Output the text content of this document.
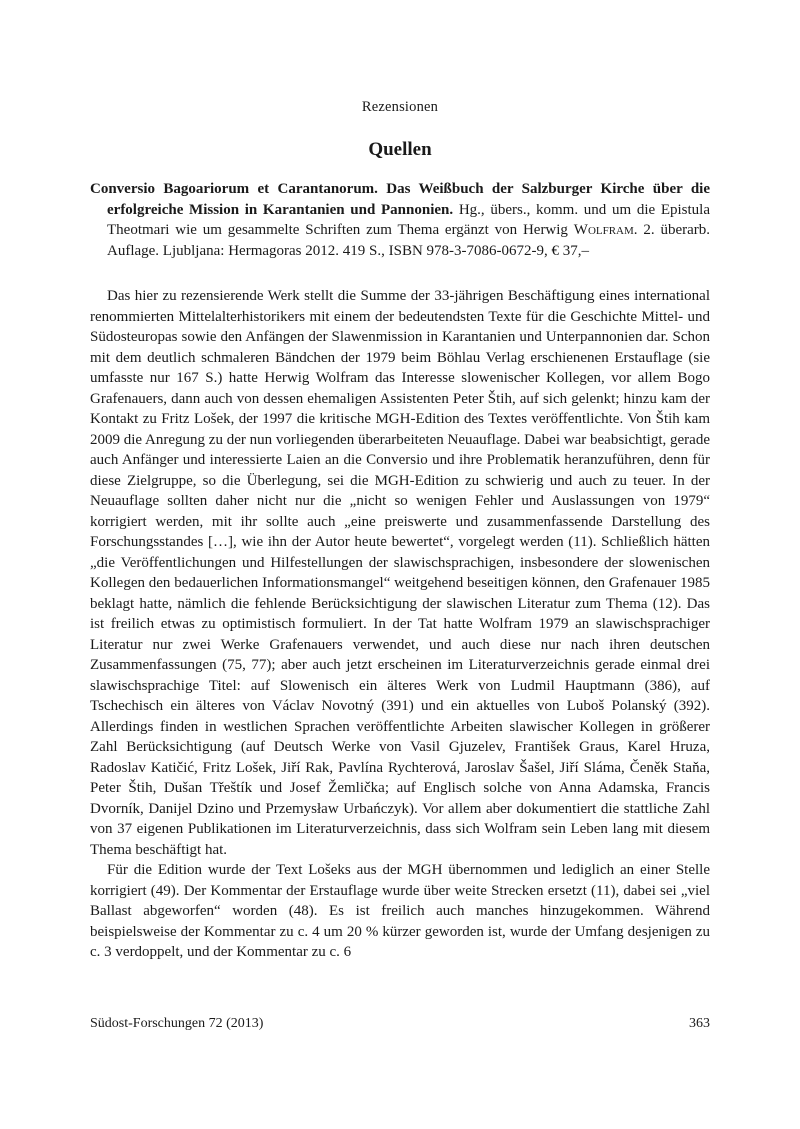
Rezensionen
Quellen

Conversio Bagoariorum et Carantanorum. Das Weißbuch der Salzburger Kirche über die erfolgreiche Mission in Karantanien und Pannonien. Hg., übers., komm. und um die Epistula Theotmari wie um gesammelte Schriften zum Thema ergänzt von Herwig Wolfram. 2. überarb. Auflage. Ljubljana: Hermagoras 2012. 419 S., ISBN 978-3-7086-0672-9, € 37,–

Das hier zu rezensierende Werk stellt die Summe der 33-jährigen Beschäftigung eines international renommierten Mittelalterhistorikers mit einem der bedeutendsten Texte für die Geschichte Mittel- und Südosteuropas sowie den Anfängen der Slawenmission in Karantanien und Unterpannonien dar. Schon mit dem deutlich schmaleren Bändchen der 1979 beim Böhlau Verlag erschienenen Erstauflage (sie umfasste nur 167 S.) hatte Herwig Wolfram das Interesse slowenischer Kollegen, vor allem Bogo Grafenauers, dann auch von dessen ehemaligen Assistenten Peter Štih, auf sich gelenkt; hinzu kam der Kontakt zu Fritz Lošek, der 1997 die kritische MGH-Edition des Textes veröffentlichte. Von Štih kam 2009 die Anregung zu der nun vorliegenden überarbeiteten Neuauflage. Dabei war beabsichtigt, gerade auch Anfänger und interessierte Laien an die Conversio und ihre Problematik heranzuführen, denn für diese Zielgruppe, so die Überlegung, sei die MGH-Edition zu schwierig und auch zu teuer. In der Neuauflage sollten daher nicht nur die „nicht so wenigen Fehler und Auslassungen von 1979“ korrigiert werden, mit ihr sollte auch „eine preiswerte und zusammenfassende Darstellung des Forschungsstandes […], wie ihn der Autor heute bewertet“, vorgelegt werden (11). Schließlich hätten „die Veröffentlichungen und Hilfestellungen der slawischsprachigen, insbesondere der slowenischen Kollegen den bedauerlichen Informationsmangel“ weitgehend beseitigen können, den Grafenauer 1985 beklagt hatte, nämlich die fehlende Berücksichtigung der slawischen Literatur zum Thema (12). Das ist freilich etwas zu optimistisch formuliert. In der Tat hatte Wolfram 1979 an slawischsprachiger Literatur nur zwei Werke Grafenauers verwendet, und auch diese nur nach ihren deutschen Zusammenfassungen (75, 77); aber auch jetzt erscheinen im Literaturverzeichnis gerade einmal drei slawischsprachige Titel: auf Slowenisch ein älteres Werk von Ludmil Hauptmann (386), auf Tschechisch ein älteres von Václav Novotný (391) und ein aktuelles von Luboš Polanský (392). Allerdings finden in westlichen Sprachen veröffentlichte Arbeiten slawischer Kollegen in größerer Zahl Berücksichtigung (auf Deutsch Werke von Vasil Gjuzelev, František Graus, Karel Hruza, Radoslav Katičić, Fritz Lošek, Jiří Rak, Pavlína Rychterová, Jaroslav Šašel, Jiří Sláma, Čeněk Staňa, Peter Štih, Dušan Třeštík und Josef Žemlička; auf Englisch solche von Anna Adamska, Francis Dvorník, Danijel Dzino und Przemysław Urbańczyk). Vor allem aber dokumentiert die stattliche Zahl von 37 eigenen Publikationen im Literaturverzeichnis, dass sich Wolfram sein Leben lang mit diesem Thema beschäftigt hat.

Für die Edition wurde der Text Lošeks aus der MGH übernommen und lediglich an einer Stelle korrigiert (49). Der Kommentar der Erstauflage wurde über weite Strecken ersetzt (11), dabei sei „viel Ballast abgeworfen“ worden (48). Es ist freilich auch manches hinzugekommen. Während beispielsweise der Kommentar zu c. 4 um 20 % kürzer geworden ist, wurde der Umfang desjenigen zu c. 3 verdoppelt, und der Kommentar zu c. 6

Südost-Forschungen 72 (2013)	363
